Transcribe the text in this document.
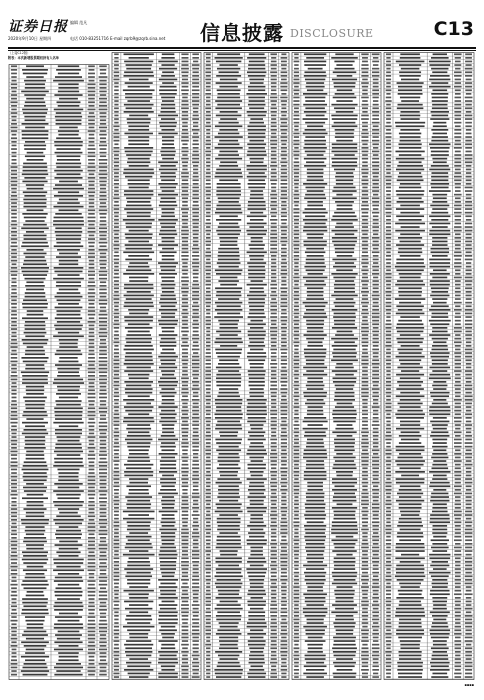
证券日报
2020年9月10日 星期四
编辑 范凡
电话 010-83251716 E-mail zqrb9@zqrb.sina.net 信息披露 DISCLOSURE	C13
（上接C12版）
附表：本次新增股票期权持有人名单
▪▪▪▪
